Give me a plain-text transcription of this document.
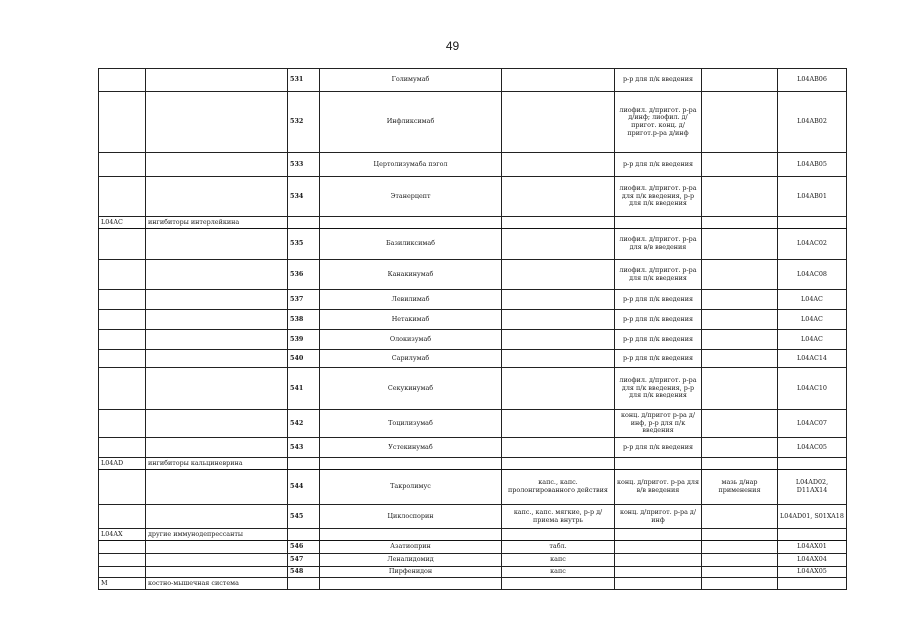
49
		531	Голимумаб		р-р для п/к введения		L04AB06
		532	Инфликсимаб		лиофил. д/пригот. р-ра д/инф; лиофил. д/пригот. конц. д/пригот.р-ра д/инф		L04AB02
		533	Цертолизумаба пэгол		р-р для п/к введения		L04AB05
		534	Этанерцепт		лиофил. д/пригот. р-ра для п/к введения, р-р для п/к введения		L04AB01
L04AC	ингибиторы интерлейкина						
		535	Базиликсимаб		лиофил. д/пригот. р-ра для в/в введения		L04AC02
		536	Канакинумаб		лиофил. д/пригот. р-ра для п/к введения		L04AC08
		537	Левилимаб		р-р для п/к введения		L04AC
		538	Нетакимаб		р-р для п/к введения		L04AC
		539	Олокизумаб		р-р для п/к введения		L04AC
		540	Сарилумаб		р-р для п/к введения		L04AC14
		541	Секукинумаб		лиофил. д/пригот. р-ра для п/к введения, р-р для п/к введения		L04AC10
		542	Тоцилизумаб		конц. д/пригот р-ра д/инф, р-р для п/к введения		L04AC07
		543	Устекинумаб		р-р для п/к введения		L04AC05
L04AD	ингибиторы кальциневрина						
		544	Такролимус	капс., капс. пролонгированного действия	конц. д/пригот. р-ра для в/в введения	мазь д/нар применения	L04AD02, D11AX14
		545	Циклоспорин	капс., капс. мягкие, р-р д/приема внутрь	конц. д/пригот. р-ра д/инф		L04AD01, S01XA18
L04AX	другие иммунодепрессанты						
		546	Азатиоприн	табл.			L04AX01
		547	Леналидомид	капс			L04AX04
		548	Пирфенидон	капс			L04AX05
M	костно-мышечная система						
